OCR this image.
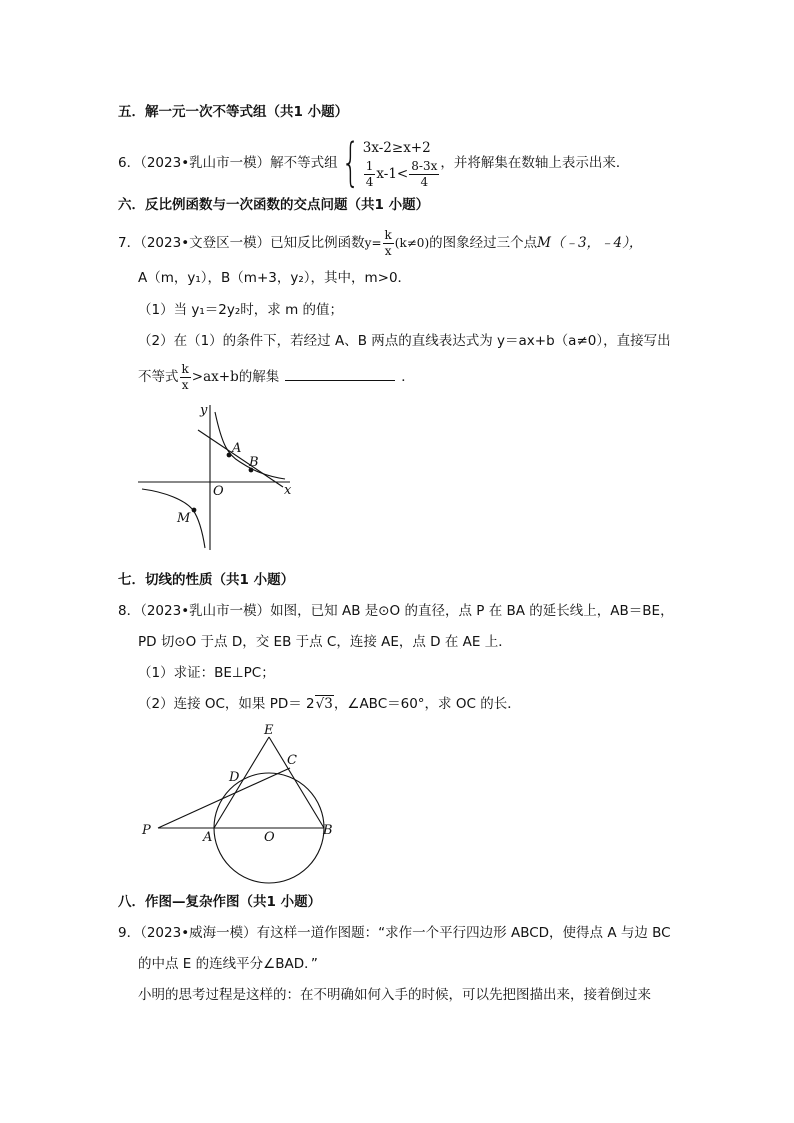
五．解一元一次不等式组（共1 小题）
6．（2023•乳山市一模）解不等式组{ 3x-2≥x+2
$\frac{1}{4} x-1< \frac{8-3x}{4}$ ，并将解集在数轴上表示出来．
六．反比例函数与一次函数的交点问题（共1 小题）
7．（2023•文登区一模）已知反比例函数$y= \frac{k}{x} (k\ne 0)$的图象经过三个点M（﹣3，﹣4），
A（m，y₁），B（m+3，y₂），其中，m>0．
（1）当 y₁＝2y₂时，求 m 的值；
（2）在（1）的条件下，若经过 A、B 两点的直线表达式为 y＝ax+b（a≠0），直接写出
不等式 $\frac{k}{x} >ax+b$的解集	．
y
x
O
A
B
M
七．切线的性质（共1 小题）
8．（2023•乳山市一模）如图，已知 AB 是⊙O 的直径，点 P 在 BA 的延长线上，AB＝BE，
PD 切⊙O 于点 D，交 EB 于点 C，连接 AE，点 D 在 AE 上．
（1）求证：BE⊥PC；
（2）连接 OC，如果 PD＝ 2√3，∠ABC＝60°，求 OC 的长．
E
C
D
P	A	O	B
八．作图—复杂作图（共1 小题）
9．（2023•威海一模）有这样一道作图题：“求作一个平行四边形 ABCD，使得点 A 与边 BC
的中点 E 的连线平分∠BAD．”
小明的思考过程是这样的：在不明确如何入手的时候，可以先把图描出来，接着倒过来
